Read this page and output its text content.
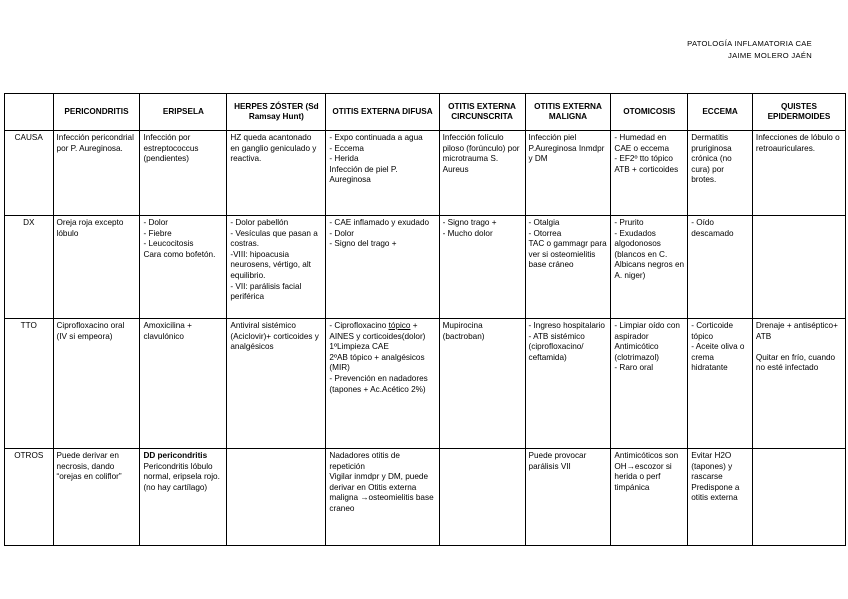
PATOLOGÍA INFLAMATORIA CAE
JAIME MOLERO JAÉN
	PERICONDRITIS	ERIPSELA	HERPES ZÓSTER (Sd Ramsay Hunt)	OTITIS EXTERNA DIFUSA	OTITIS EXTERNA CIRCUNSCRITA	OTITIS EXTERNA MALIGNA	OTOMICOSIS	ECCEMA	QUISTES EPIDERMOIDES
CAUSA	Infección pericondrial por P. Aureginosa.	Infección por estreptococcus (pendientes)	HZ queda acantonado en ganglio geniculado y reactiva.	- Expo continuada a agua
- Eccema
- Herida
Infección de piel P. Aureginosa	Infección folículo piloso (forúnculo) por microtrauma S. Aureus	Infección piel P.Aureginosa Inmdpr y DM	- Humedad en CAE o eccema
- EF2º tto tópico ATB + corticoides	Dermatitis pruriginosa crónica (no cura) por brotes.	Infecciones de lóbulo o retroauriculares.

DX	Oreja roja excepto lóbulo	- Dolor
- Fiebre
- Leucocitosis
Cara como bofetón.	- Dolor pabellón
- Vesículas que pasan a costras.
-VIII: hipoacusia neurosens, vértigo, alt equilibrio.
- VII: parálisis facial periférica	- CAE inflamado y exudado
- Dolor
- Signo del trago +	- Signo trago +
- Mucho dolor	- Otalgia
- Otorrea
TAC o gammagr para ver si osteomielitis base cráneo	- Prurito
- Exudados algodonosos (blancos en C. Albicans negros en A. niger)	- Oído descamado	

TTO	Ciprofloxacino oral (IV si empeora)	Amoxicilina + clavulónico	Antiviral sistémico (Aciclovir)+ corticoides y analgésicos	- Ciprofloxacino tópico + AINES y corticoides(dolor)
1ºLimpieza CAE
2ºAB tópico + analgésicos (MIR)
- Prevención en nadadores (tapones + Ac.Acético 2%)	Mupirocina (bactroban)	- Ingreso hospitalario
- ATB sistémico (ciprofloxacino/ ceftamida)	- Limpiar oído con aspirador Antimicótico (clotrimazol)
- Raro oral	- Corticoide tópico
- Aceite oliva o crema hidratante	Drenaje + antiséptico+ ATB

Quitar en frío, cuando no esté infectado

OTROS	Puede derivar en necrosis, dando “orejas en coliflor”	DD pericondritis
Pericondritis lóbulo normal, eripsela rojo.
(no hay cartílago)		Nadadores otitis de repetición
Vigilar inmdpr y DM, puede derivar en Otitis externa maligna →osteomielitis base craneo		Puede provocar parálisis VII	Antimicóticos son OH→escozor si herida o perf timpánica	Evitar H2O (tapones) y rascarse Predispone a otitis externa	
